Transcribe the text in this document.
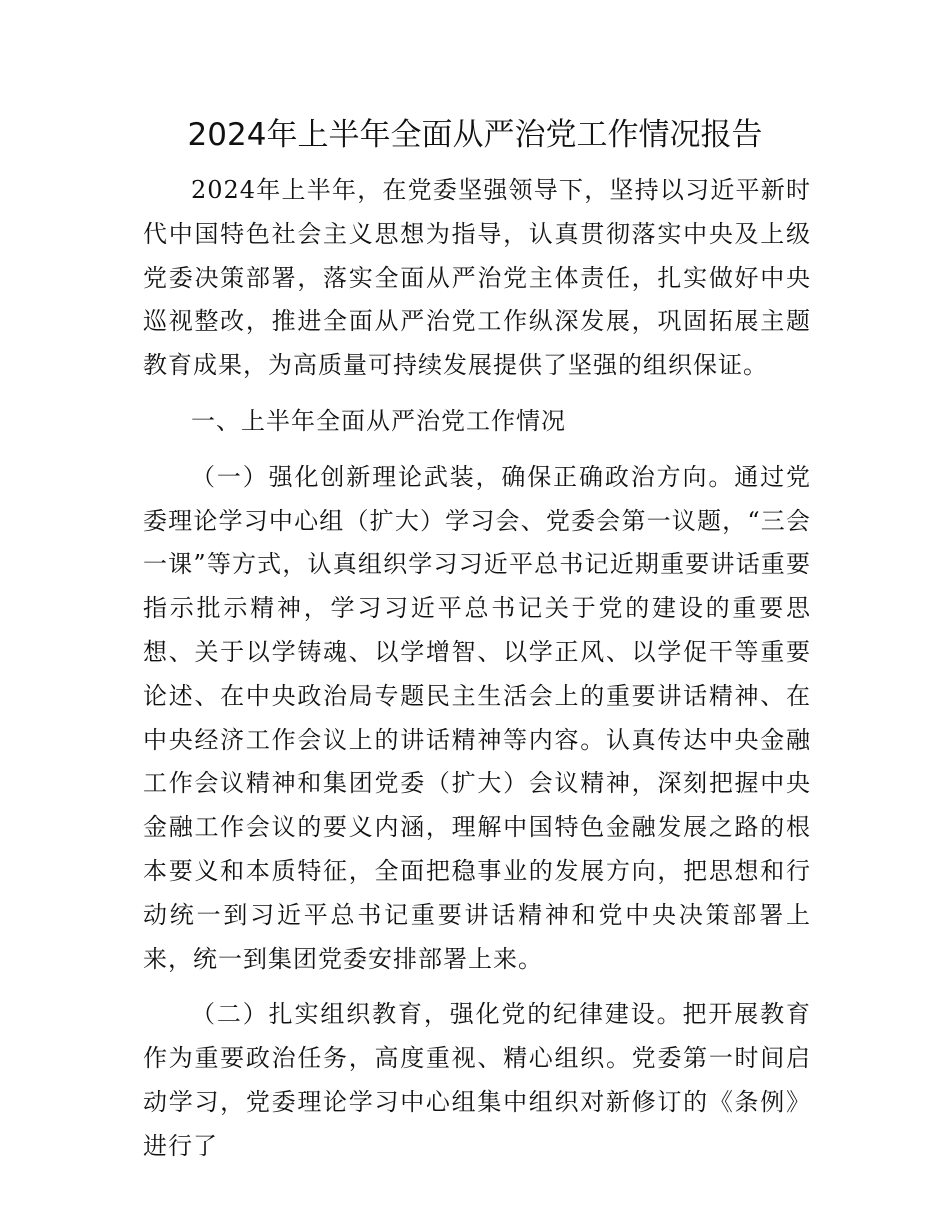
2024年上半年全面从严治党工作情况报告

2024年上半年，在党委坚强领导下，坚持以习近平新时代中国特色社会主义思想为指导，认真贯彻落实中央及上级党委决策部署，落实全面从严治党主体责任，扎实做好中央巡视整改，推进全面从严治党工作纵深发展，巩固拓展主题教育成果，为高质量可持续发展提供了坚强的组织保证。

一、上半年全面从严治党工作情况

（一）强化创新理论武装，确保正确政治方向。通过党委理论学习中心组（扩大）学习会、党委会第一议题，“三会一课”等方式，认真组织学习习近平总书记近期重要讲话重要指示批示精神，学习习近平总书记关于党的建设的重要思想、关于以学铸魂、以学增智、以学正风、以学促干等重要论述、在中央政治局专题民主生活会上的重要讲话精神、在中央经济工作会议上的讲话精神等内容。认真传达中央金融工作会议精神和集团党委（扩大）会议精神，深刻把握中央金融工作会议的要义内涵，理解中国特色金融发展之路的根本要义和本质特征，全面把稳事业的发展方向，把思想和行动统一到习近平总书记重要讲话精神和党中央决策部署上来，统一到集团党委安排部署上来。

（二）扎实组织教育，强化党的纪律建设。把开展教育作为重要政治任务，高度重视、精心组织。党委第一时间启动学习，党委理论学习中心组集中组织对新修订的《条例》进行了
